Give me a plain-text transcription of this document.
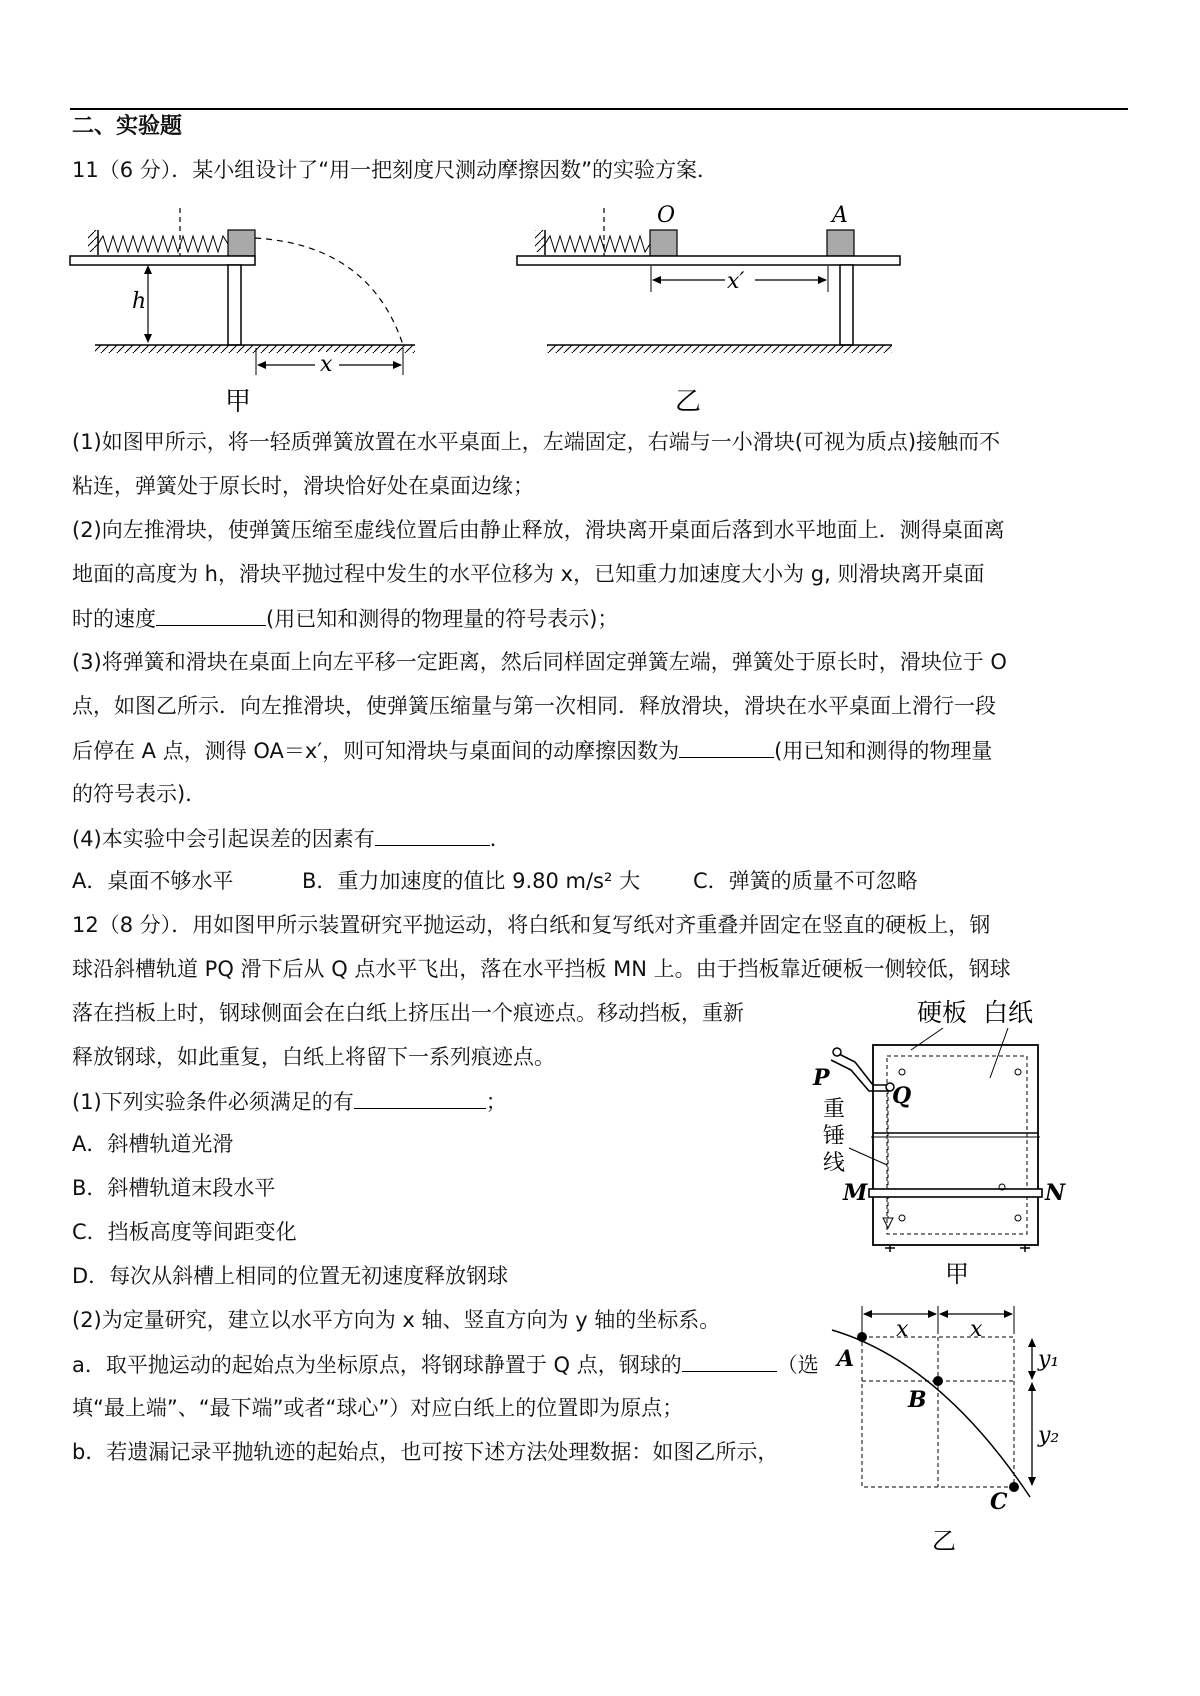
二、实验题
11（6 分）．某小组设计了“用一把刻度尺测动摩擦因数”的实验方案．
h
x
甲
O	A
x′
乙
(1)如图甲所示，将一轻质弹簧放置在水平桌面上，左端固定，右端与一小滑块(可视为质点)接触而不
粘连，弹簧处于原长时，滑块恰好处在桌面边缘；
(2)向左推滑块，使弹簧压缩至虚线位置后由静止释放，滑块离开桌面后落到水平地面上．测得桌面离
地面的高度为 h，滑块平抛过程中发生的水平位移为 x，已知重力加速度大小为 g, 则滑块离开桌面
时的速度	(用已知和测得的物理量的符号表示)；
(3)将弹簧和滑块在桌面上向左平移一定距离，然后同样固定弹簧左端，弹簧处于原长时，滑块位于 O
点，如图乙所示．向左推滑块，使弹簧压缩量与第一次相同．释放滑块，滑块在水平桌面上滑行一段
后停在 A 点，测得 OA＝x′，则可知滑块与桌面间的动摩擦因数为	(用已知和测得的物理量
的符号表示)．
(4)本实验中会引起误差的因素有	．
A．桌面不够水平	B．重力加速度的值比 9.80 m/s² 大	C．弹簧的质量不可忽略
12（8 分）．用如图甲所示装置研究平抛运动，将白纸和复写纸对齐重叠并固定在竖直的硬板上，钢
球沿斜槽轨道 PQ 滑下后从 Q 点水平飞出，落在水平挡板 MN 上。由于挡板靠近硬板一侧较低，钢球
落在挡板上时，钢球侧面会在白纸上挤压出一个痕迹点。移动挡板，重新
释放钢球，如此重复，白纸上将留下一系列痕迹点。
(1)下列实验条件必须满足的有	；
A．斜槽轨道光滑
B．斜槽轨道末段水平
C．挡板高度等间距变化
D．每次从斜槽上相同的位置无初速度释放钢球
(2)为定量研究，建立以水平方向为 x 轴、竖直方向为 y 轴的坐标系。
a．取平抛运动的起始点为坐标原点，将钢球静置于 Q 点，钢球的	（选
填“最上端”、“最下端”或者“球心”）对应白纸上的位置即为原点；
b．若遗漏记录平抛轨迹的起始点，也可按下述方法处理数据：如图乙所示，
硬板 白纸
P
Q
重
锤
线
M	N
甲
x	x
A
B
C
y₁
y₂
乙
